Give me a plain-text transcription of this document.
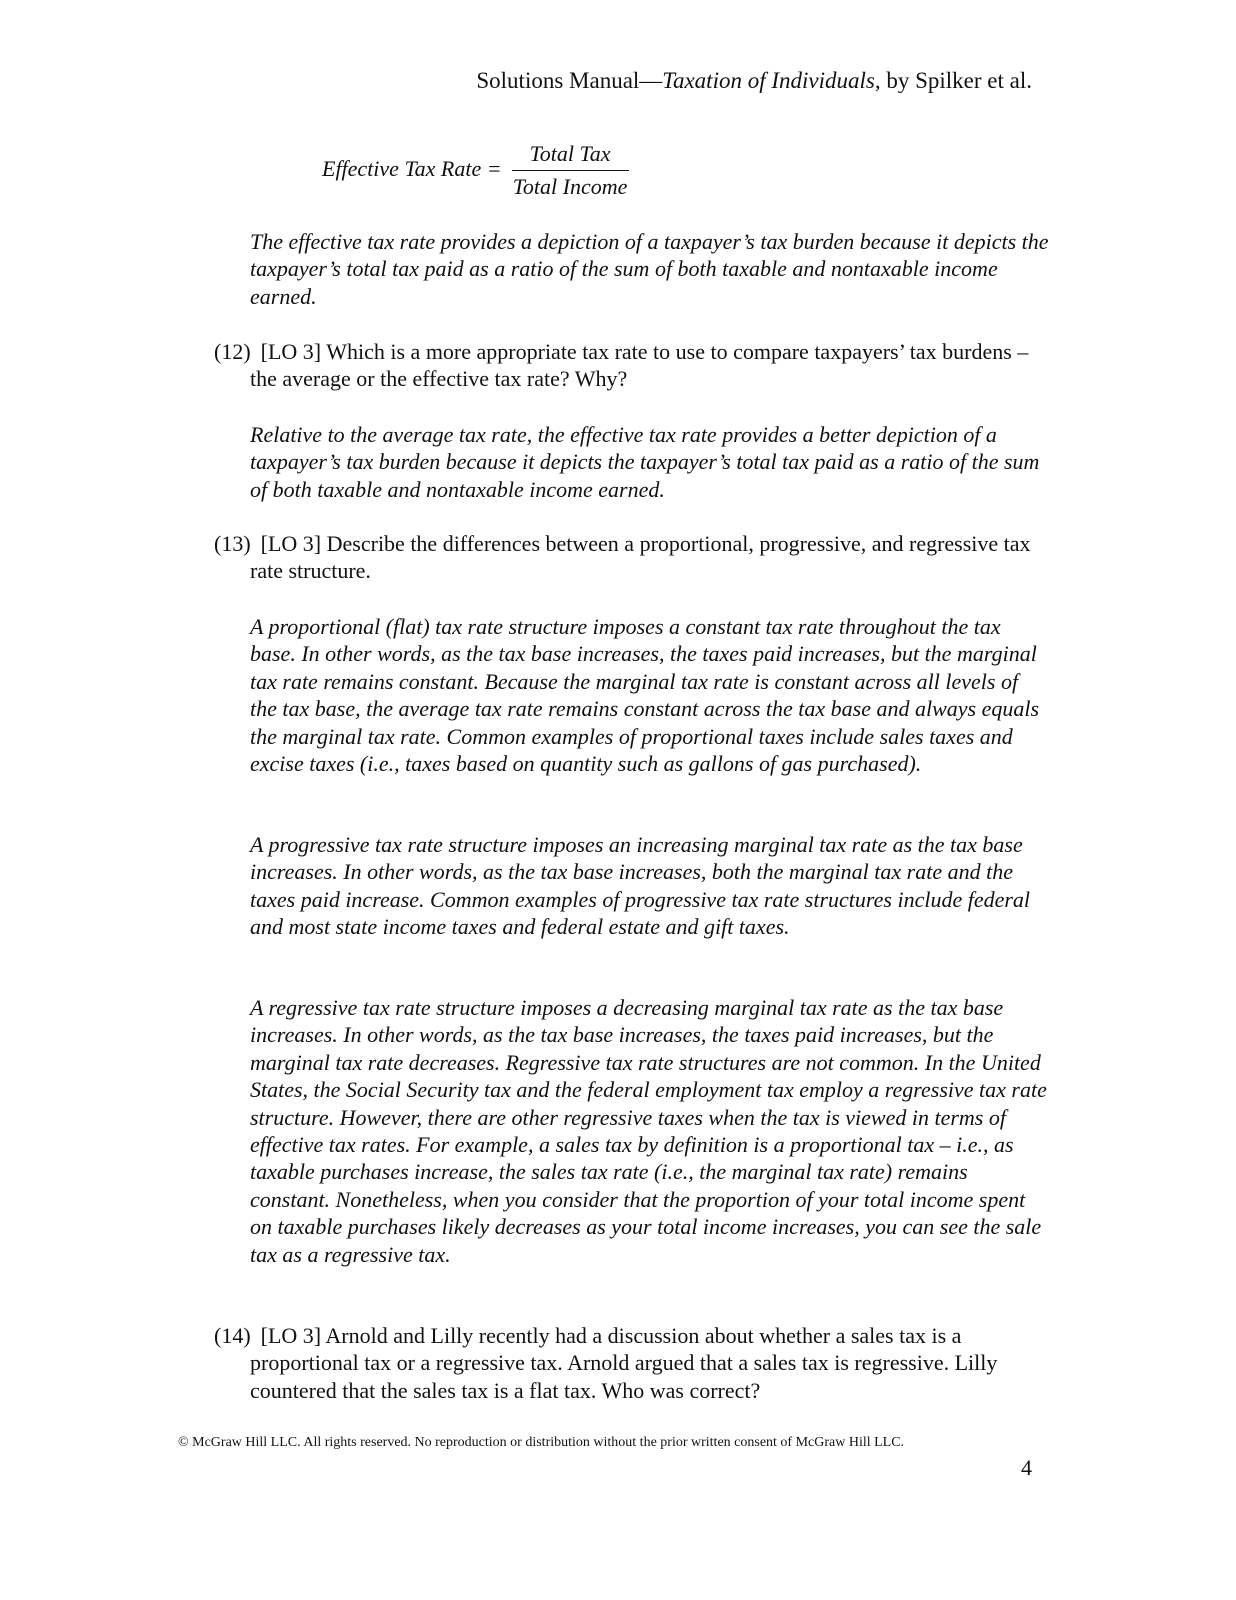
Solutions Manual—Taxation of Individuals, by Spilker et al.
Effective Tax Rate = $\frac{\text{Total Tax}}{\text{Total Income}}$
The effective tax rate provides a depiction of a taxpayer’s tax burden because it depicts the taxpayer’s total tax paid as a ratio of the sum of both taxable and nontaxable income earned.
(12) [LO 3] Which is a more appropriate tax rate to use to compare taxpayers’ tax burdens – the average or the effective tax rate? Why?
Relative to the average tax rate, the effective tax rate provides a better depiction of a taxpayer’s tax burden because it depicts the taxpayer’s total tax paid as a ratio of the sum of both taxable and nontaxable income earned.
(13) [LO 3] Describe the differences between a proportional, progressive, and regressive tax rate structure.
A proportional (flat) tax rate structure imposes a constant tax rate throughout the tax base. In other words, as the tax base increases, the taxes paid increases, but the marginal tax rate remains constant. Because the marginal tax rate is constant across all levels of the tax base, the average tax rate remains constant across the tax base and always equals the marginal tax rate. Common examples of proportional taxes include sales taxes and excise taxes (i.e., taxes based on quantity such as gallons of gas purchased).
A progressive tax rate structure imposes an increasing marginal tax rate as the tax base increases. In other words, as the tax base increases, both the marginal tax rate and the taxes paid increase. Common examples of progressive tax rate structures include federal and most state income taxes and federal estate and gift taxes.
A regressive tax rate structure imposes a decreasing marginal tax rate as the tax base increases. In other words, as the tax base increases, the taxes paid increases, but the marginal tax rate decreases. Regressive tax rate structures are not common. In the United States, the Social Security tax and the federal employment tax employ a regressive tax rate structure. However, there are other regressive taxes when the tax is viewed in terms of effective tax rates. For example, a sales tax by definition is a proportional tax – i.e., as taxable purchases increase, the sales tax rate (i.e., the marginal tax rate) remains constant. Nonetheless, when you consider that the proportion of your total income spent on taxable purchases likely decreases as your total income increases, you can see the sale tax as a regressive tax.
(14) [LO 3] Arnold and Lilly recently had a discussion about whether a sales tax is a proportional tax or a regressive tax. Arnold argued that a sales tax is regressive. Lilly countered that the sales tax is a flat tax. Who was correct?
© McGraw Hill LLC. All rights reserved. No reproduction or distribution without the prior written consent of McGraw Hill LLC.
4
